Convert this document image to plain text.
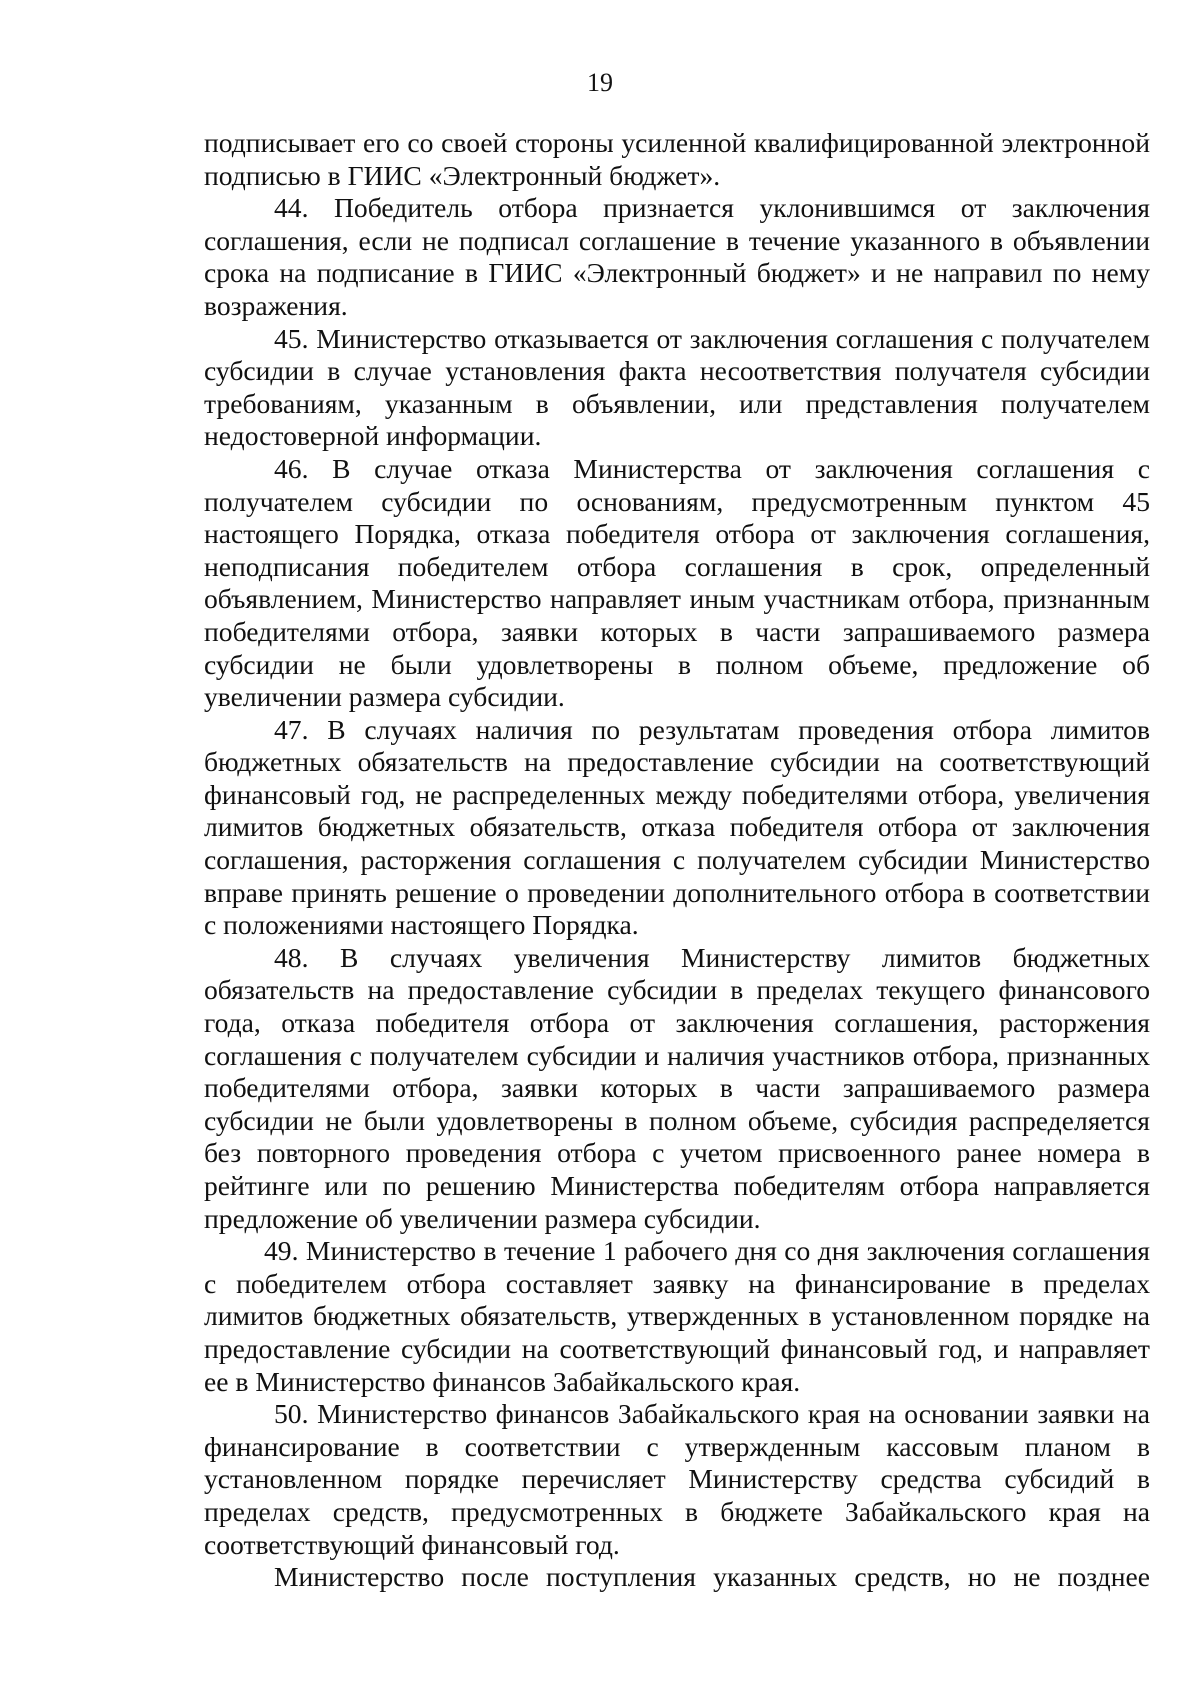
19

подписывает его со своей стороны усиленной квалифицированной электронной подписью в ГИИС «Электронный бюджет».

44. Победитель отбора признается уклонившимся от заключения соглашения, если не подписал соглашение в течение указанного в объявлении срока на подписание в ГИИС «Электронный бюджет» и не направил по нему возражения.

45. Министерство отказывается от заключения соглашения с получателем субсидии в случае установления факта несоответствия получателя субсидии требованиям, указанным в объявлении, или представления получателем недостоверной информации.

46. В случае отказа Министерства от заключения соглашения с получателем субсидии по основаниям, предусмотренным пунктом 45 настоящего Порядка, отказа победителя отбора от заключения соглашения, неподписания победителем отбора соглашения в срок, определенный объявлением, Министерство направляет иным участникам отбора, признанным победителями отбора, заявки которых в части запрашиваемого размера субсидии не были удовлетворены в полном объеме, предложение об увеличении размера субсидии.

47. В случаях наличия по результатам проведения отбора лимитов бюджетных обязательств на предоставление субсидии на соответствующий финансовый год, не распределенных между победителями отбора, увеличения лимитов бюджетных обязательств, отказа победителя отбора от заключения соглашения, расторжения соглашения с получателем субсидии Министерство вправе принять решение о проведении дополнительного отбора в соответствии с положениями настоящего Порядка.

48. В случаях увеличения Министерству лимитов бюджетных обязательств на предоставление субсидии в пределах текущего финансового года, отказа победителя отбора от заключения соглашения, расторжения соглашения с получателем субсидии и наличия участников отбора, признанных победителями отбора, заявки которых в части запрашиваемого размера субсидии не были удовлетворены в полном объеме, субсидия распределяется без повторного проведения отбора с учетом присвоенного ранее номера в рейтинге или по решению Министерства победителям отбора направляется предложение об увеличении размера субсидии.

49. Министерство в течение 1 рабочего дня со дня заключения соглашения с победителем отбора составляет заявку на финансирование в пределах лимитов бюджетных обязательств, утвержденных в установленном порядке на предоставление субсидии на соответствующий финансовый год, и направляет ее в Министерство финансов Забайкальского края.

50. Министерство финансов Забайкальского края на основании заявки на финансирование в соответствии с утвержденным кассовым планом в установленном порядке перечисляет Министерству средства субсидий в пределах средств, предусмотренных в бюджете Забайкальского края на соответствующий финансовый год.

Министерство после поступления указанных средств, но не позднее
